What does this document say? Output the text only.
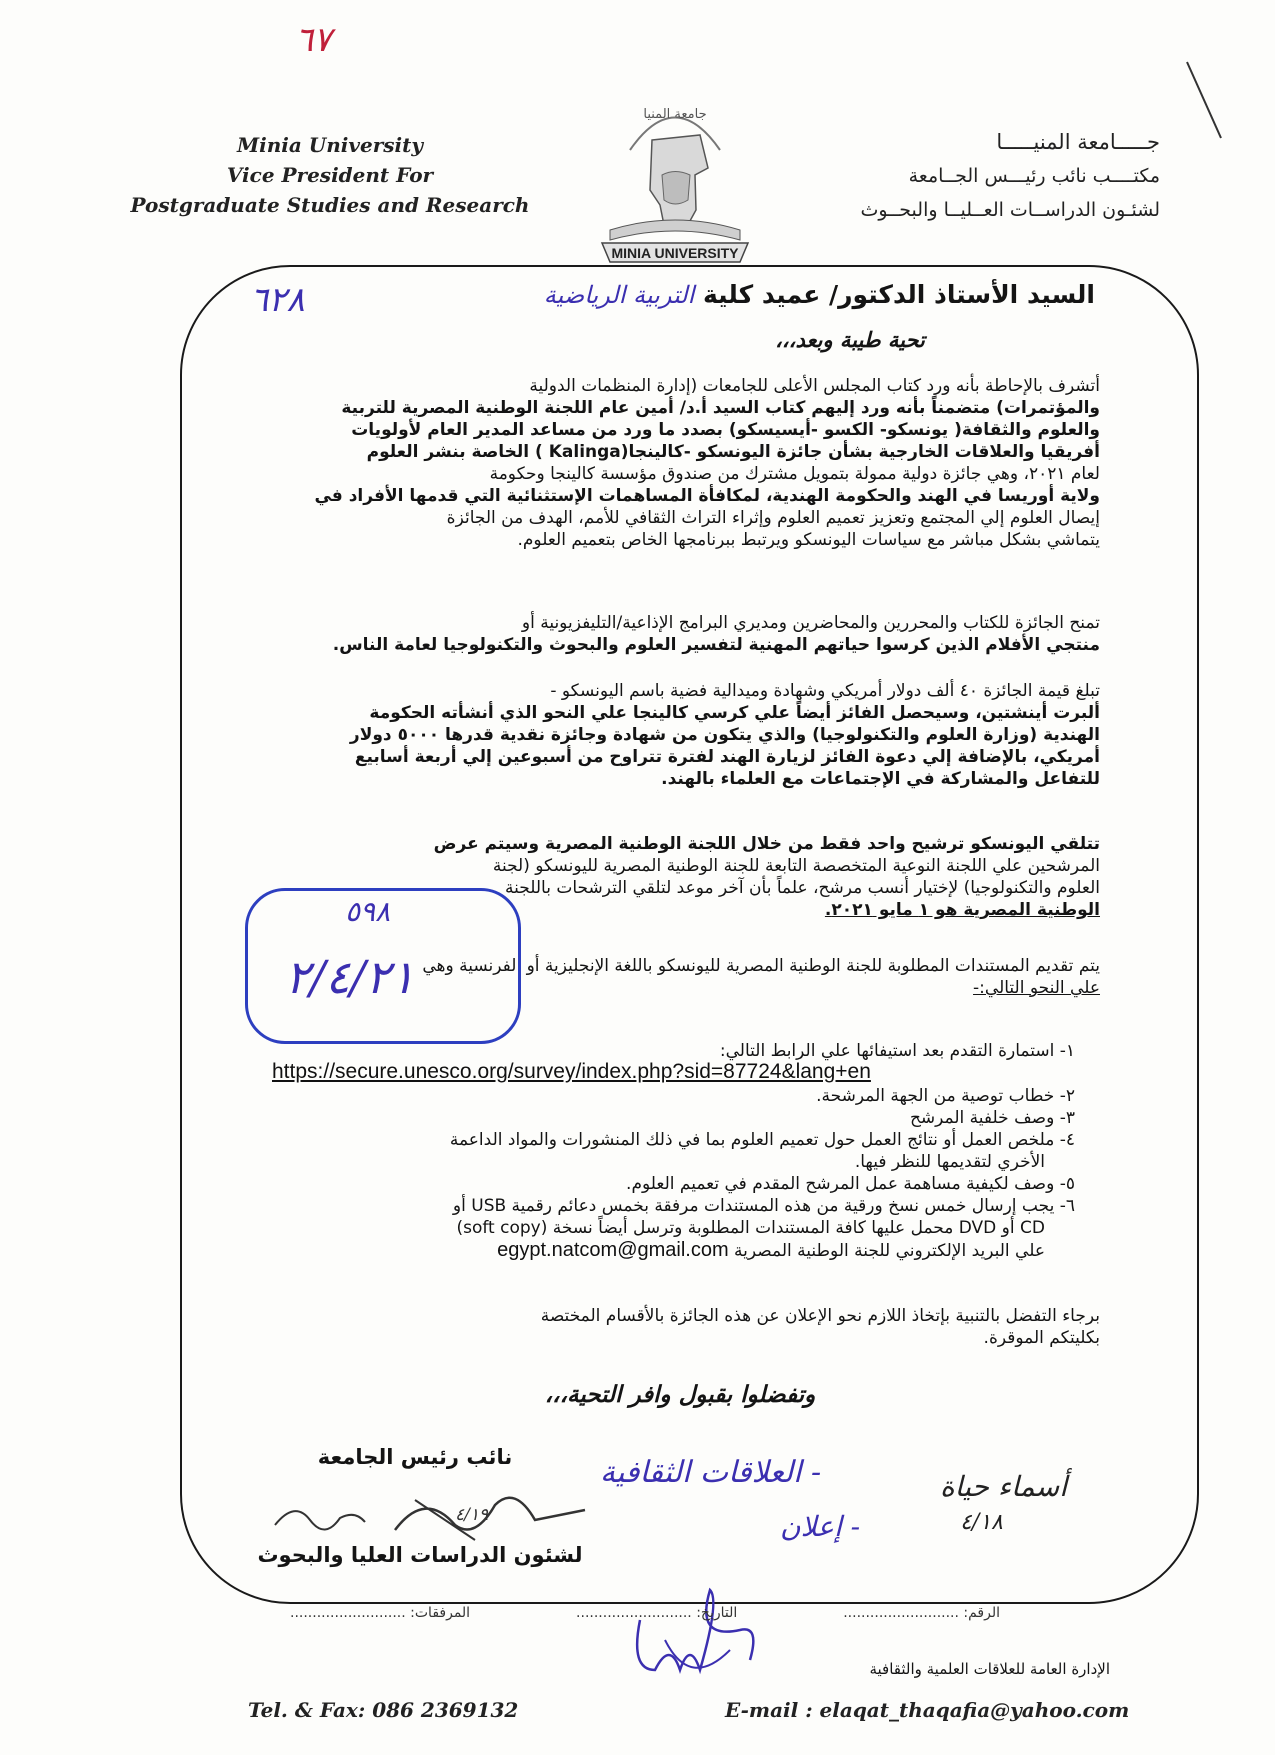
٦٧
Minia University
Vice President For
Postgraduate Studies and Research
جامعة المنيا
MINIA UNIVERSITY
جـــــامعة المنيـــــا
مكتــــب نائب رئيـــس الجــامعة
لشئـون الدراســات العــليــا والبحــوث
السيد الأستاذ الدكتور/ عميد كلية التربية الرياضية
٦٢٨
تحية طيبة وبعد،،،
أتشرف بالإحاطة بأنه ورد كتاب المجلس الأعلى للجامعات (إدارة المنظمات الدولية
والمؤتمرات) متضمناً بأنه ورد إليهم كتاب السيد أ.د/ أمين عام اللجنة الوطنية المصرية للتربية
والعلوم والثقافة( يونسكو- الكسو -أيسيسكو) بصدد ما ورد من مساعد المدير العام لأولويات
أفريقيا والعلاقات الخارجية بشأن جائزة اليونسكو -كالينجا(Kalinga ) الخاصة بنشر العلوم
لعام ٢٠٢١، وهي جائزة دولية ممولة بتمويل مشترك من صندوق مؤسسة كالينجا وحكومة
ولاية أوريسا في الهند والحكومة الهندية، لمكافأة المساهمات الإستثنائية التي قدمها الأفراد في
إيصال العلوم إلي المجتمع وتعزيز تعميم العلوم وإثراء التراث الثقافي للأمم، الهدف من الجائزة
يتماشي بشكل مباشر مع سياسات اليونسكو ويرتبط ببرنامجها الخاص بتعميم العلوم.
تمنح الجائزة للكتاب والمحررين والمحاضرين ومديري البرامج الإذاعية/التليفزيونية أو
منتجي الأفلام الذين كرسوا حياتهم المهنية لتفسير العلوم والبحوث والتكنولوجيا لعامة الناس.
تبلغ قيمة الجائزة ٤٠ ألف دولار أمريكي وشهادة وميدالية فضية باسم اليونسكو -
ألبرت أينشتين، وسيحصل الفائز أيضاً علي كرسي كالينجا علي النحو الذي أنشأته الحكومة
الهندية (وزارة العلوم والتكنولوجيا) والذي يتكون من شهادة وجائزة نقدية قدرها ٥٠٠٠ دولار
أمريكي، بالإضافة إلي دعوة الفائز لزيارة الهند لفترة تتراوح من أسبوعين إلي أربعة أسابيع
للتفاعل والمشاركة في الإجتماعات مع العلماء بالهند.
تتلقي اليونسكو ترشيح واحد فقط من خلال اللجنة الوطنية المصرية وسيتم عرض
المرشحين علي اللجنة النوعية المتخصصة التابعة للجنة الوطنية المصرية لليونسكو (لجنة
العلوم والتكنولوجيا) لإختيار أنسب مرشح، علماً بأن آخر موعد لتلقي الترشحات باللجنة
الوطنية المصرية هو ١ مايو ٢٠٢١.
يتم تقديم المستندات المطلوبة للجنة الوطنية المصرية لليونسكو باللغة الإنجليزية أو الفرنسية وهي
علي النحو التالي:-
٥٩٨
٢/٤/٢١
١- استمارة التقدم بعد استيفائها علي الرابط التالي:
https://secure.unesco.org/survey/index.php?sid=87724&lang+en
٢- خطاب توصية من الجهة المرشحة.
٣- وصف خلفية المرشح
٤- ملخص العمل أو نتائج العمل حول تعميم العلوم بما في ذلك المنشورات والمواد الداعمة
الأخري لتقديمها للنظر فيها.
٥- وصف لكيفية مساهمة عمل المرشح المقدم في تعميم العلوم.
٦- يجب إرسال خمس نسخ ورقية من هذه المستندات مرفقة بخمس دعائم رقمية USB أو
CD أو DVD محمل عليها كافة المستندات المطلوبة وترسل أيضاً نسخة (soft copy)
علي البريد الإلكتروني للجنة الوطنية المصرية egypt.natcom@gmail.com
برجاء التفضل بالتنبية بإتخاذ اللازم نحو الإعلان عن هذه الجائزة بالأقسام المختصة
بكليتكم الموقرة.
وتفضلوا بقبول وافر التحية،،،
نائب رئيس الجامعة
لشئون الدراسات العليا والبحوث
٤/١٩
- العلاقات الثقافية
- إعلان
أسماء حياة
٤/١٨
الرقم: ..........................
التاريخ: ..........................
المرفقات: ..........................
الإدارة العامة للعلاقات العلمية والثقافية
Tel. & Fax: 086 2369132	E-mail : elaqat_thaqafia@yahoo.com
